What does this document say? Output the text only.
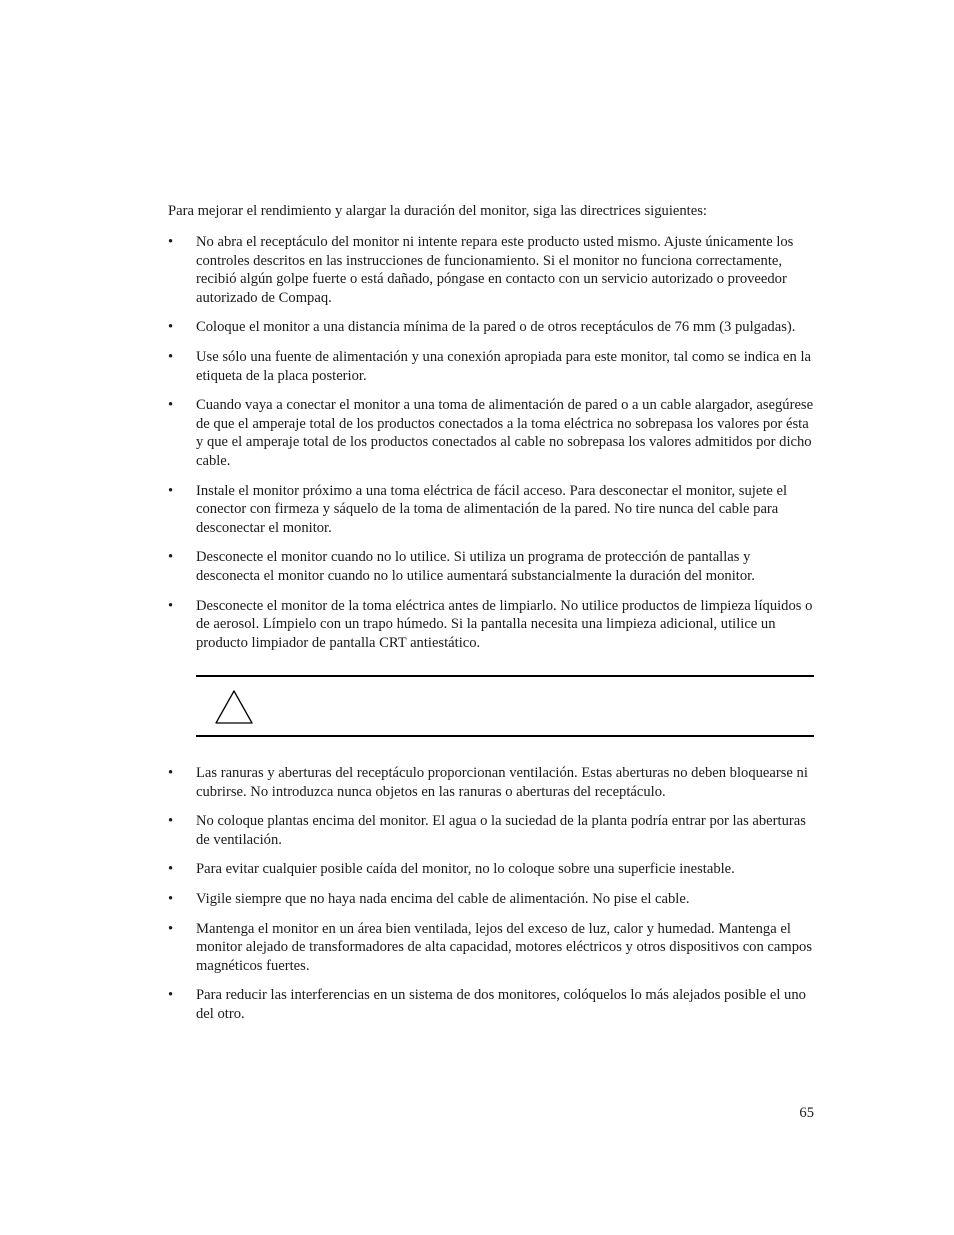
Para mejorar el rendimiento y alargar la duración del monitor, siga las directrices siguientes:

• No abra el receptáculo del monitor ni intente repara este producto usted mismo. Ajuste únicamente los controles descritos en las instrucciones de funcionamiento. Si el monitor no funciona correctamente, recibió algún golpe fuerte o está dañado, póngase en contacto con un servicio autorizado o proveedor autorizado de Compaq.
• Coloque el monitor a una distancia mínima de la pared o de otros receptáculos de 76 mm (3 pulgadas).
• Use sólo una fuente de alimentación y una conexión apropiada para este monitor, tal como se indica en la etiqueta de la placa posterior.
• Cuando vaya a conectar el monitor a una toma de alimentación de pared o a un cable alargador, asegúrese de que el amperaje total de los productos conectados a la toma eléctrica no sobrepasa los valores por ésta y que el amperaje total de los productos conectados al cable no sobrepasa los valores admitidos por dicho cable.
• Instale el monitor próximo a una toma eléctrica de fácil acceso. Para desconectar el monitor, sujete el conector con firmeza y sáquelo de la toma de alimentación de la pared. No tire nunca del cable para desconectar el monitor.
• Desconecte el monitor cuando no lo utilice. Si utiliza un programa de protección de pantallas y desconecta el monitor cuando no lo utilice aumentará substancialmente la duración del monitor.
• Desconecte el monitor de la toma eléctrica antes de limpiarlo. No utilice productos de limpieza líquidos o de aerosol. Límpielo con un trapo húmedo. Si la pantalla necesita una limpieza adicional, utilice un producto limpiador de pantalla CRT antiestático.
• Las ranuras y aberturas del receptáculo proporcionan ventilación. Estas aberturas no deben bloquearse ni cubrirse. No introduzca nunca objetos en las ranuras o aberturas del receptáculo.
• No coloque plantas encima del monitor. El agua o la suciedad de la planta podría entrar por las aberturas de ventilación.
• Para evitar cualquier posible caída del monitor, no lo coloque sobre una superficie inestable.
• Vigile siempre que no haya nada encima del cable de alimentación. No pise el cable.
• Mantenga el monitor en un área bien ventilada, lejos del exceso de luz, calor y humedad. Mantenga el monitor alejado de transformadores de alta capacidad, motores eléctricos y otros dispositivos con campos magnéticos fuertes.
• Para reducir las interferencias en un sistema de dos monitores, colóquelos lo más alejados posible el uno del otro.

65
